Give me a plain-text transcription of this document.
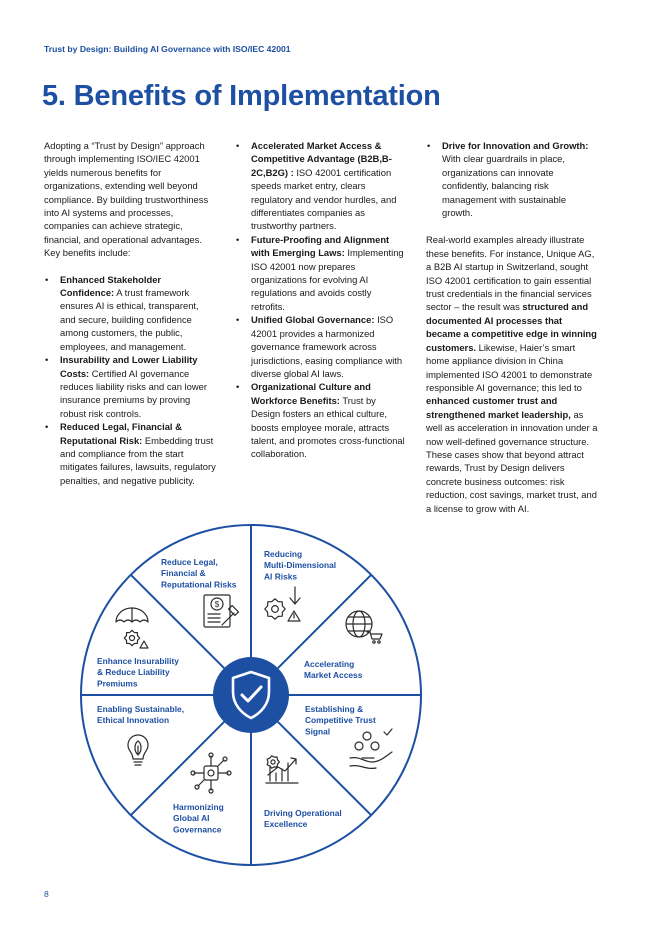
Trust by Design: Building AI Governance with ISO/IEC 42001
5. Benefits of Implementation

Adopting a “Trust by Design” approach through implementing ISO/IEC 42001 yields numerous benefits for organizations, extending well beyond compliance. By building trustworthiness into AI systems and processes, companies can achieve strategic, financial, and operational advantages. Key benefits include:

• Enhanced Stakeholder Confidence: A trust framework ensures AI is ethical, transparent, and secure, building confidence among customers, the public, employees, and management.
• Insurability and Lower Liability Costs: Certified AI governance reduces liability risks and can lower insurance premiums by proving robust risk controls.
• Reduced Legal, Financial & Reputational Risk: Embedding trust and compliance from the start mitigates failures, lawsuits, regulatory penalties, and negative publicity.
• Accelerated Market Access & Competitive Advantage (B2B,B-2C,B2G) : ISO 42001 certification speeds market entry, clears regulatory and vendor hurdles, and differentiates companies as trustworthy partners.
• Future-Proofing and Alignment with Emerging Laws: Implementing ISO 42001 now prepares organizations for evolving AI regulations and avoids costly retrofits.
• Unified Global Governance: ISO 42001 provides a harmonized governance framework across jurisdictions, easing compliance with diverse global AI laws.
• Organizational Culture and Workforce Benefits: Trust by Design fosters an ethical culture, boosts employee morale, attracts talent, and promotes cross-functional collaboration.
• Drive for Innovation and Growth: With clear guardrails in place, organizations can innovate confidently, balancing risk management with sustainable growth.

Real-world examples already illustrate these benefits. For instance, Unique AG, a B2B AI startup in Switzerland, sought ISO 42001 certification to gain essential trust credentials in the financial services sector – the result was structured and documented AI processes that became a competitive edge in winning customers. Likewise, Haier’s smart home appliance division in China implemented ISO 42001 to demonstrate responsible AI governance; this led to enhanced customer trust and strengthened market leadership, as well as acceleration in innovation under a now well-defined governance structure. These cases show that beyond attract rewards, Trust by Design delivers concrete business outcomes: risk reduction, cost savings, market trust, and a license to grow with AI.

$
Reduce Legal, Financial & Reputational Risks
Reducing Multi-Dimensional AI Risks
Accelerating Market Access
Establishing & Competitive Trust Signal
Driving Operational Excellence
Harmonizing Global AI Governance
Enabling Sustainable, Ethical Innovation
Enhance Insurability & Reduce Liability Premiums
8
